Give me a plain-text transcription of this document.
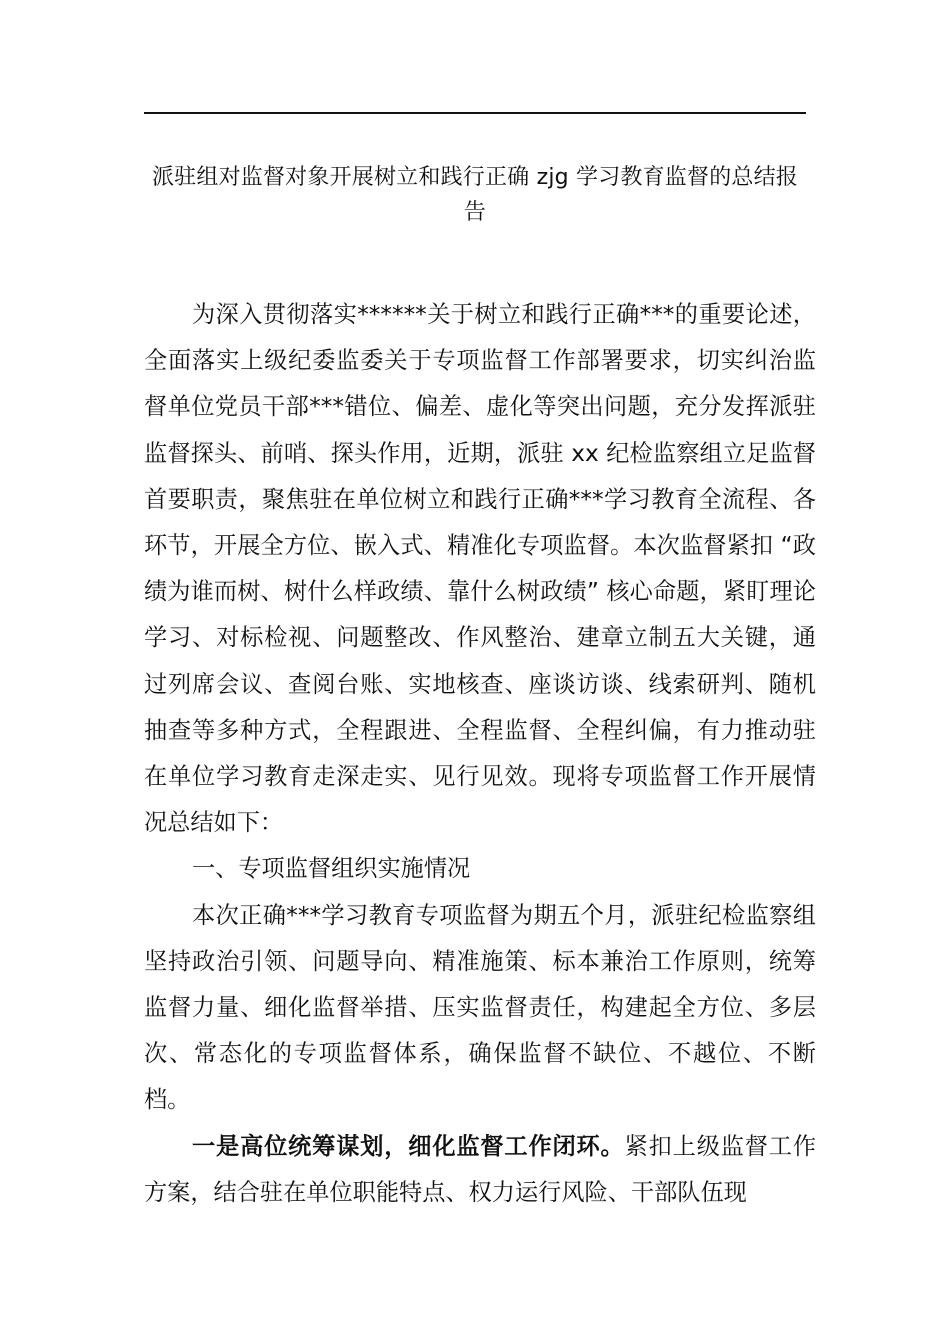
派驻组对监督对象开展树立和践行正确 zjg 学习教育监督的总结报告

为深入贯彻落实******关于树立和践行正确***的重要论述，全面落实上级纪委监委关于专项监督工作部署要求，切实纠治监督单位党员干部***错位、偏差、虚化等突出问题，充分发挥派驻监督探头、前哨、探头作用，近期，派驻 xx 纪检监察组立足监督首要职责，聚焦驻在单位树立和践行正确***学习教育全流程、各环节，开展全方位、嵌入式、精准化专项监督。本次监督紧扣 “政绩为谁而树、树什么样政绩、靠什么树政绩” 核心命题，紧盯理论学习、对标检视、问题整改、作风整治、建章立制五大关键，通过列席会议、查阅台账、实地核查、座谈访谈、线索研判、随机抽查等多种方式，全程跟进、全程监督、全程纠偏，有力推动驻在单位学习教育走深走实、见行见效。现将专项监督工作开展情况总结如下：

一、专项监督组织实施情况

本次正确***学习教育专项监督为期五个月，派驻纪检监察组坚持政治引领、问题导向、精准施策、标本兼治工作原则，统筹监督力量、细化监督举措、压实监督责任，构建起全方位、多层次、常态化的专项监督体系，确保监督不缺位、不越位、不断档。

一是高位统筹谋划，细化监督工作闭环。紧扣上级监督工作方案，结合驻在单位职能特点、权力运行风险、干部队伍现
